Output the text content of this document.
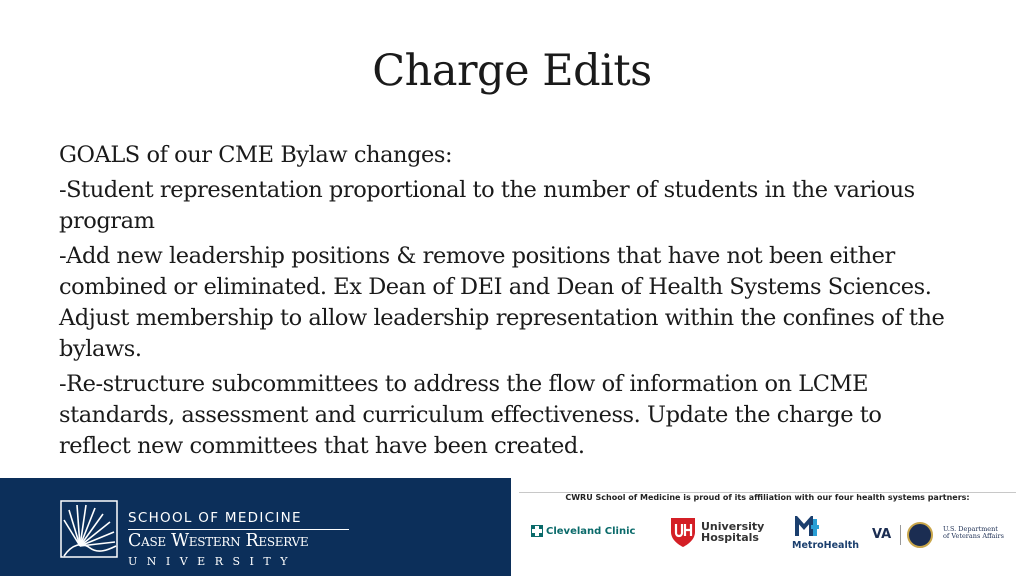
Charge Edits

GOALS of our CME Bylaw changes:

-Student representation proportional to the number of students in the various program

-Add new leadership positions & remove positions that have not been either combined or eliminated. Ex Dean of DEI and Dean of Health Systems Sciences. Adjust membership to allow leadership representation within the confines of the bylaws.

-Re-structure subcommittees to address the flow of information on LCME standards, assessment and curriculum effectiveness. Update the charge to reflect new committees that have been created.

SCHOOL OF MEDICINE
Case Western Reserve
UNIVERSITY
CWRU School of Medicine is proud of its affiliation with our four health systems partners:
Cleveland Clinic	University
Hospitals
MetroHealth
VA	U.S. Department
of Veterans Affairs
